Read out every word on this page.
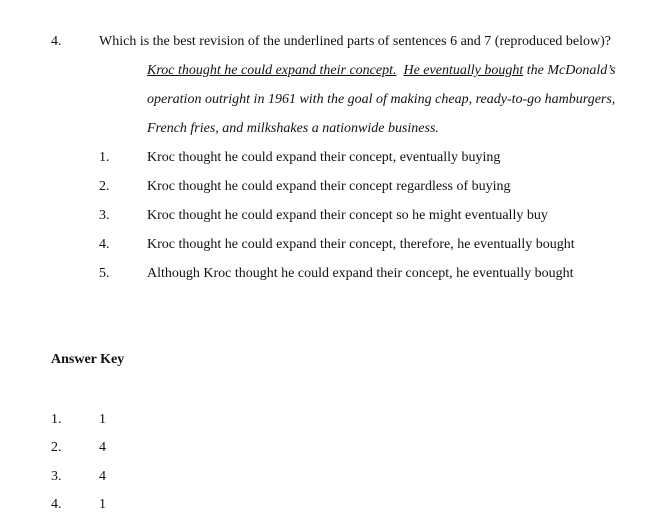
4.	Which is the best revision of the underlined parts of sentences 6 and 7 (reproduced below)?
Kroc thought he could expand their concept. He eventually bought the McDonald’s
operation outright in 1961 with the goal of making cheap, ready-to-go hamburgers,
French fries, and milkshakes a nationwide business.
1.	Kroc thought he could expand their concept, eventually buying
2.	Kroc thought he could expand their concept regardless of buying
3.	Kroc thought he could expand their concept so he might eventually buy
4.	Kroc thought he could expand their concept, therefore, he eventually bought
5.	Although Kroc thought he could expand their concept, he eventually bought
Answer Key
1.	1
2.	4
3.	4
4.	1
